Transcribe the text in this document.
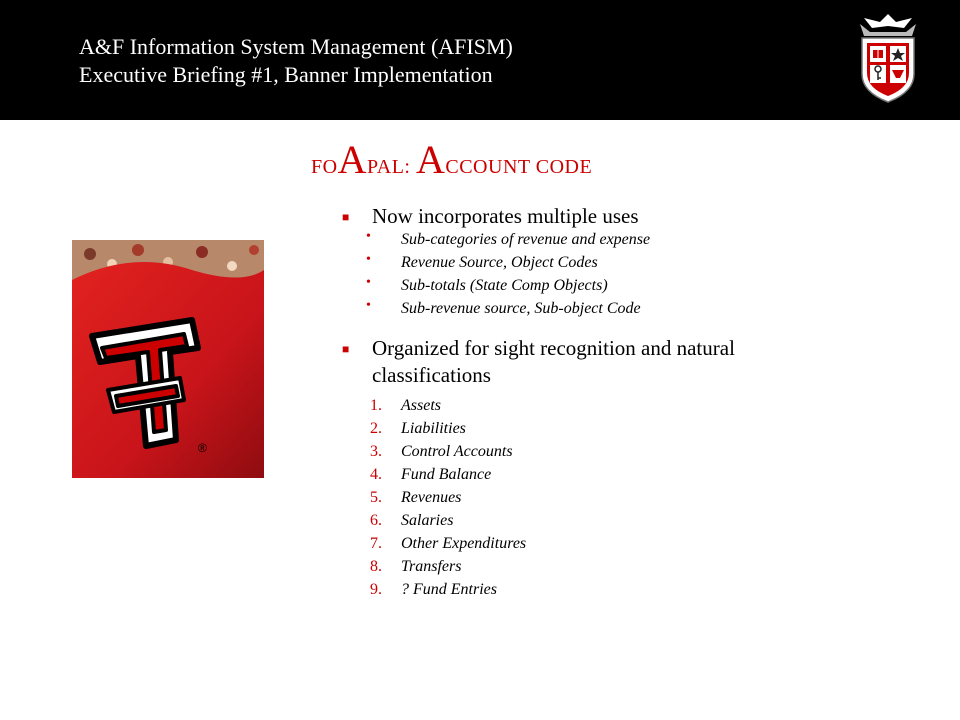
A&F Information System Management (AFISM)
Executive Briefing #1, Banner Implementation
FOAPAL: ACCOUNT CODE
®
■ Now incorporates multiple uses
• Sub-categories of revenue and expense
• Revenue Source, Object Codes
• Sub-totals (State Comp Objects)
• Sub-revenue source, Sub-object Code
■ Organized for sight recognition and natural classifications
1. Assets
2. Liabilities
3. Control Accounts
4. Fund Balance
5. Revenues
6. Salaries
7. Other Expenditures
8. Transfers
9. ? Fund Entries
